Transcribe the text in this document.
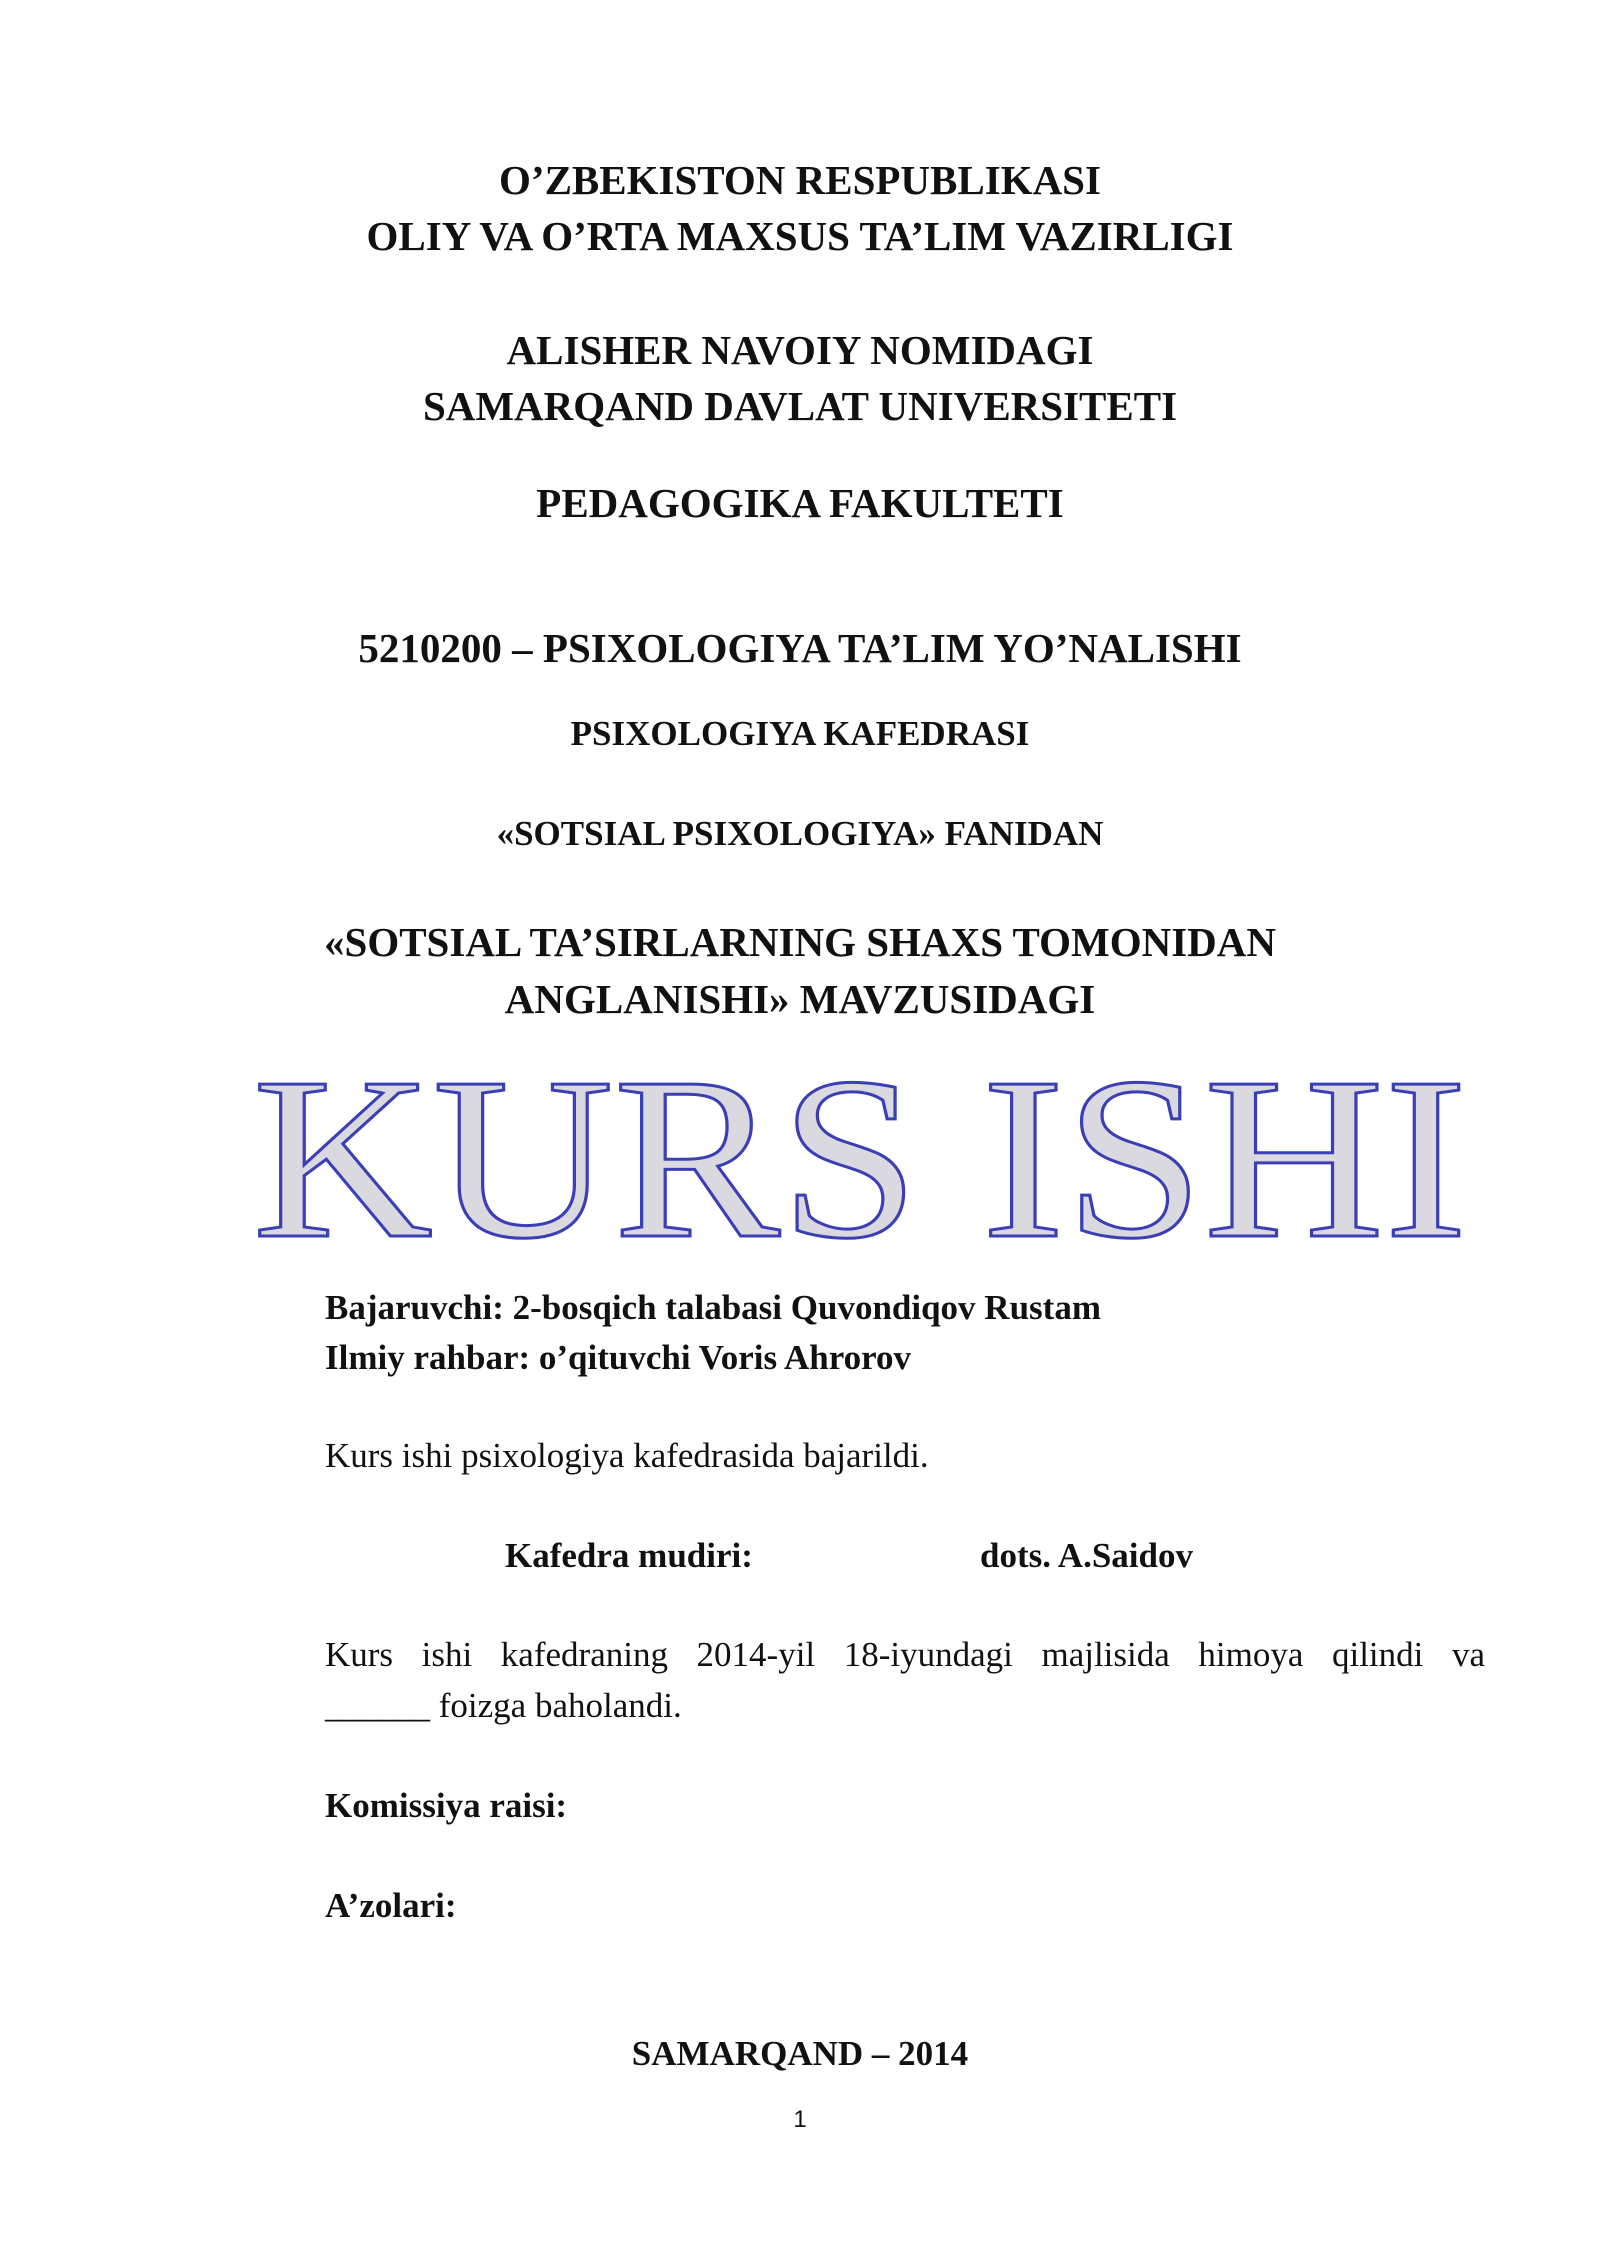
O’ZBEKISTON RESPUBLIKASI
OLIY VA O’RTA MAXSUS TA’LIM VAZIRLIGI
ALISHER NAVOIY NOMIDAGI
SAMARQAND DAVLAT UNIVERSITETI
PEDAGOGIKA FAKULTETI
5210200 – PSIXOLOGIYA TA’LIM YO’NALISHI
PSIXOLOGIYA KAFEDRASI
«SOTSIAL PSIXOLOGIYA» FANIDAN
«SOTSIAL TA’SIRLARNING SHAXS TOMONIDAN
ANGLANISHI» MAVZUSIDAGI
KURS ISHI
Bajaruvchi: 2-bosqich talabasi Quvondiqov Rustam
Ilmiy rahbar: o’qituvchi Voris Ahrorov
Kurs ishi psixologiya kafedrasida bajarildi.
Kafedra mudiri:	dots. A.Saidov
Kurs ishi kafedraning 2014-yil 18-iyundagi majlisida himoya qilindi va
______ foizga baholandi.
Komissiya raisi:
A’zolari:
SAMARQAND – 2014
1
